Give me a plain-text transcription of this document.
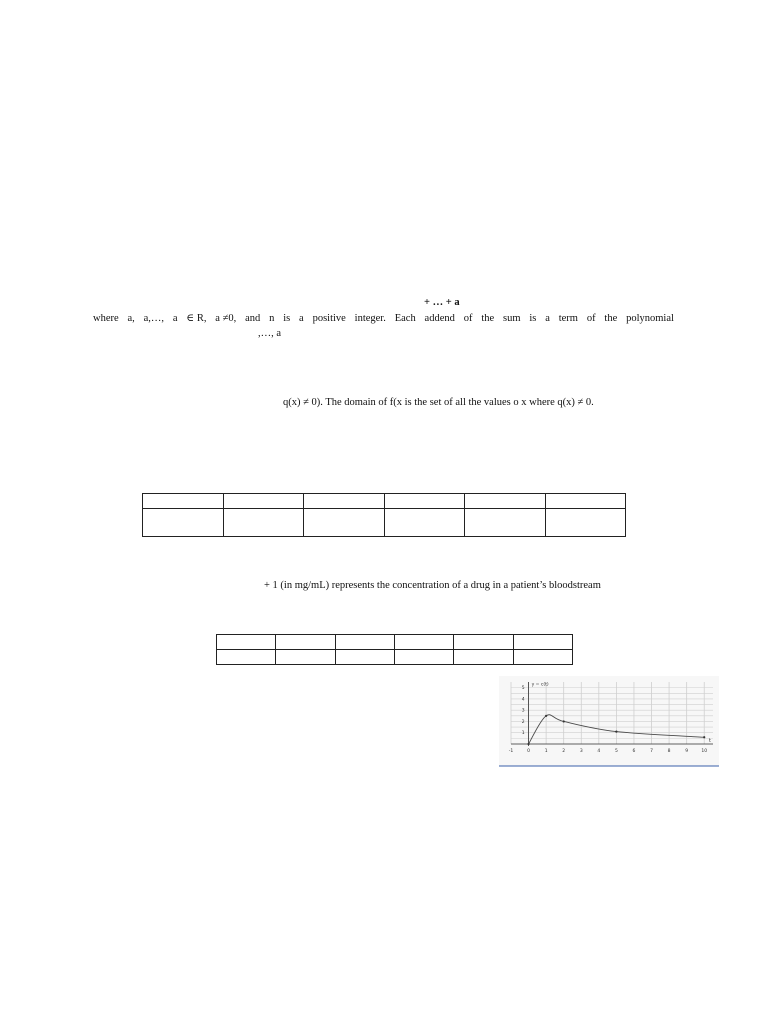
+ … + a
where a, a,…, a ∈ R, a ≠0, and n is a positive integer. Each addend of the sum is a term of the polynomial
,…, a
q(x) ≠ 0). The domain of f(x is the set of all the values o x where q(x) ≠ 0.
+ 1 (in mg/mL) represents the concentration of a drug in a patient’s bloodstream

-1	0	1	2	3	4	5	6	7	8	9	10
1
2
3
4
5
t
y = c(t)
